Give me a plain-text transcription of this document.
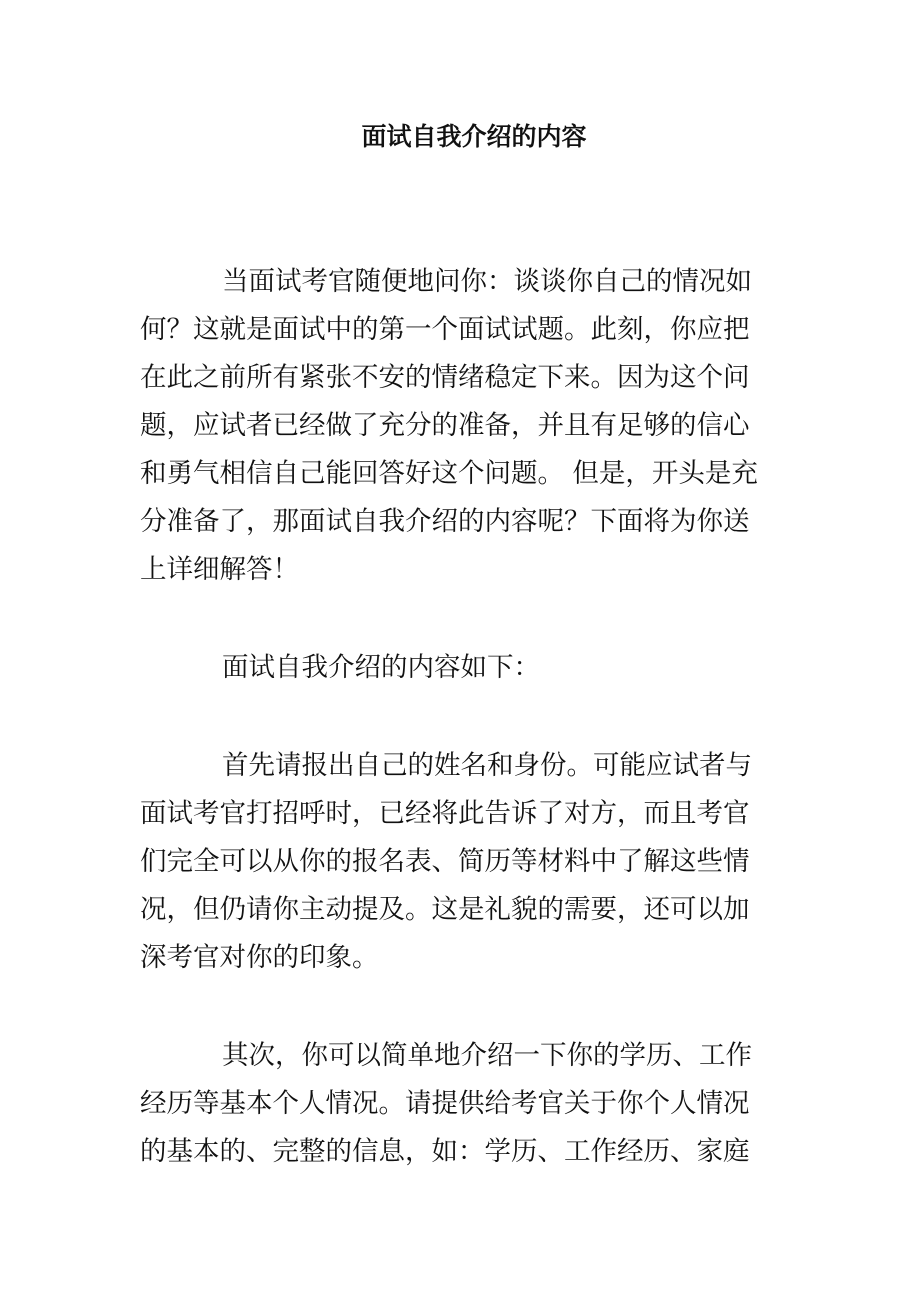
面试自我介绍的内容
当面试考官随便地问你：谈谈你自己的情况如
何？这就是面试中的第一个面试试题。此刻，你应把
在此之前所有紧张不安的情绪稳定下来。因为这个问
题，应试者已经做了充分的准备，并且有足够的信心
和勇气相信自己能回答好这个问题。 但是，开头是充
分准备了，那面试自我介绍的内容呢？下面将为你送
上详细解答！
面试自我介绍的内容如下：
首先请报出自己的姓名和身份。可能应试者与
面试考官打招呼时，已经将此告诉了对方，而且考官
们完全可以从你的报名表、简历等材料中了解这些情
况，但仍请你主动提及。这是礼貌的需要，还可以加
深考官对你的印象。
其次，你可以简单地介绍一下你的学历、工作
经历等基本个人情况。请提供给考官关于你个人情况
的基本的、完整的信息，如：学历、工作经历、家庭
